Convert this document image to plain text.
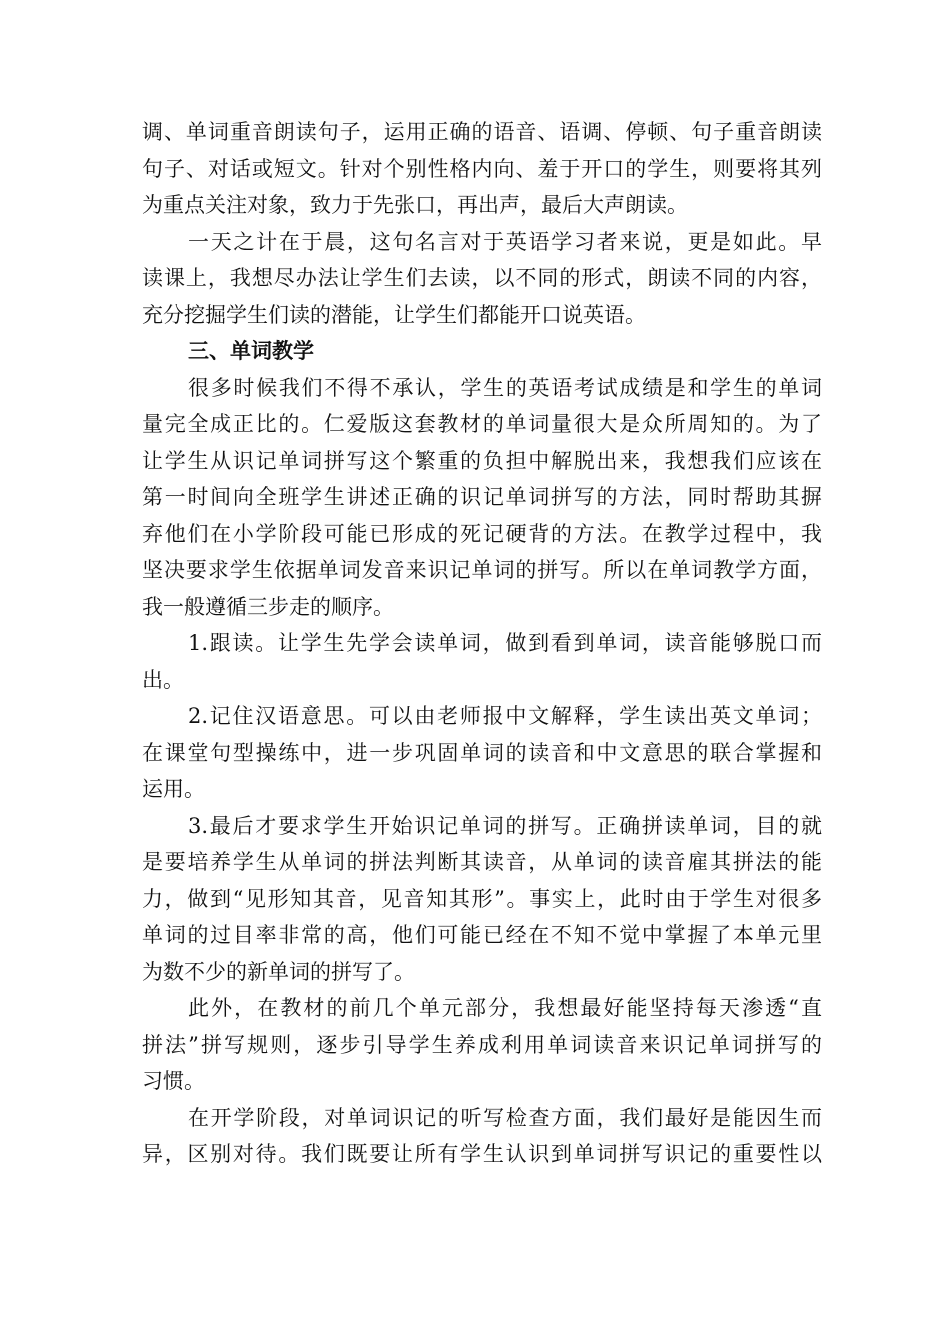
调、单词重音朗读句子，运用正确的语音、语调、停顿、句子重音朗读
句子、对话或短文。针对个别性格内向、羞于开口的学生，则要将其列
为重点关注对象，致力于先张口，再出声，最后大声朗读。
一天之计在于晨，这句名言对于英语学习者来说，更是如此。早
读课上，我想尽办法让学生们去读，以不同的形式，朗读不同的内容，
充分挖掘学生们读的潜能，让学生们都能开口说英语。
三、单词教学
很多时候我们不得不承认，学生的英语考试成绩是和学生的单词
量完全成正比的。仁爱版这套教材的单词量很大是众所周知的。为了
让学生从识记单词拼写这个繁重的负担中解脱出来，我想我们应该在
第一时间向全班学生讲述正确的识记单词拼写的方法，同时帮助其摒
弃他们在小学阶段可能已形成的死记硬背的方法。在教学过程中，我
坚决要求学生依据单词发音来识记单词的拼写。所以在单词教学方面，
我一般遵循三步走的顺序。
1.跟读。让学生先学会读单词，做到看到单词，读音能够脱口而
出。
2.记住汉语意思。可以由老师报中文解释，学生读出英文单词；
在课堂句型操练中，进一步巩固单词的读音和中文意思的联合掌握和
运用。
3.最后才要求学生开始识记单词的拼写。正确拼读单词，目的就
是要培养学生从单词的拼法判断其读音，从单词的读音雇其拼法的能
力，做到“见形知其音，见音知其形”。事实上，此时由于学生对很多
单词的过目率非常的高，他们可能已经在不知不觉中掌握了本单元里
为数不少的新单词的拼写了。
此外，在教材的前几个单元部分，我想最好能坚持每天渗透“直
拼法”拼写规则，逐步引导学生养成利用单词读音来识记单词拼写的
习惯。
在开学阶段，对单词识记的听写检查方面，我们最好是能因生而
异，区别对待。我们既要让所有学生认识到单词拼写识记的重要性以
